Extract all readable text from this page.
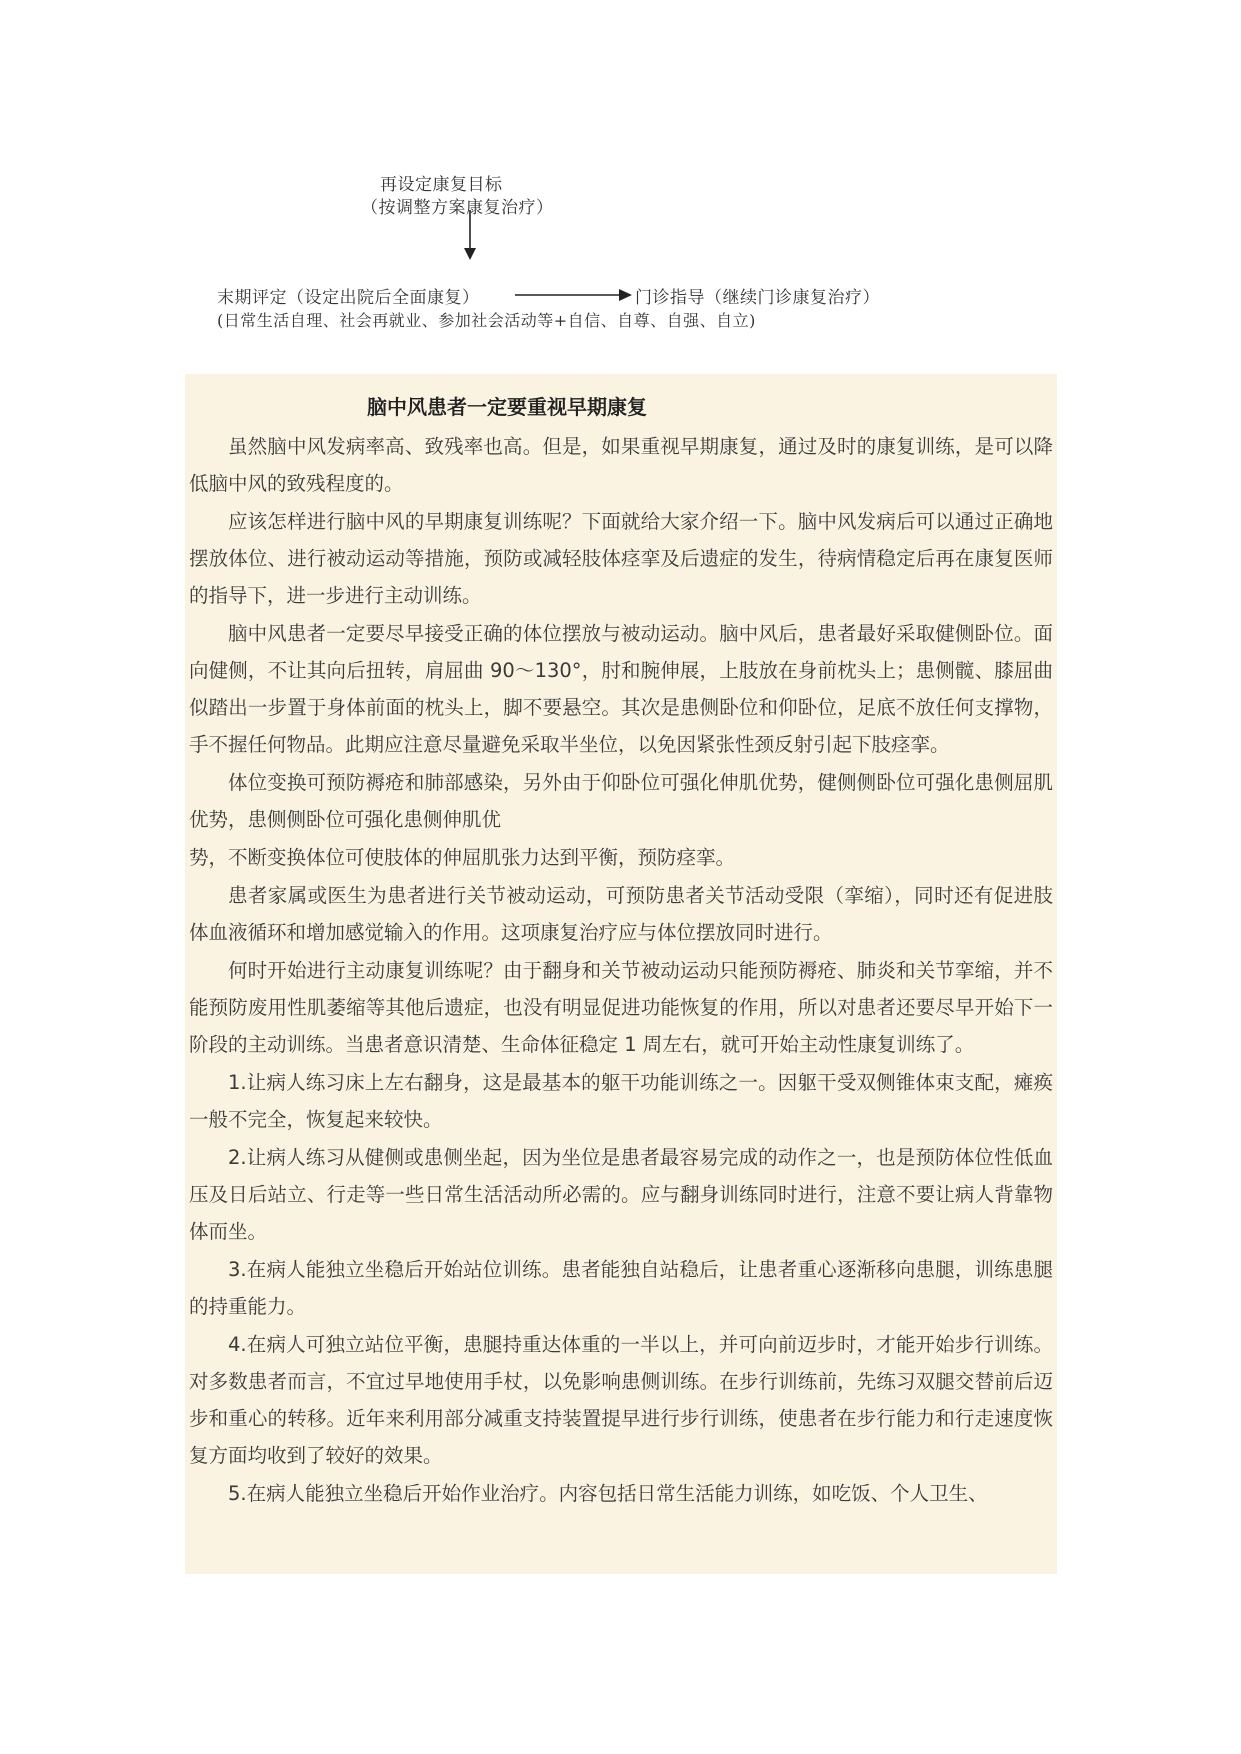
再设定康复目标
（按调整方案康复治疗）
末期评定（设定出院后全面康复）	门诊指导（继续门诊康复治疗）
(日常生活自理、社会再就业、参加社会活动等+自信、自尊、自强、自立)
脑中风患者一定要重视早期康复

虽然脑中风发病率高、致残率也高。但是，如果重视早期康复，通过及时的康复训练，是可以降低脑中风的致残程度的。

应该怎样进行脑中风的早期康复训练呢？下面就给大家介绍一下。脑中风发病后可以通过正确地摆放体位、进行被动运动等措施，预防或减轻肢体痉挛及后遗症的发生，待病情稳定后再在康复医师的指导下，进一步进行主动训练。

脑中风患者一定要尽早接受正确的体位摆放与被动运动。脑中风后，患者最好采取健侧卧位。面向健侧，不让其向后扭转，肩屈曲 90～130°，肘和腕伸展，上肢放在身前枕头上；患侧髋、膝屈曲似踏出一步置于身体前面的枕头上，脚不要悬空。其次是患侧卧位和仰卧位，足底不放任何支撑物，手不握任何物品。此期应注意尽量避免采取半坐位，以免因紧张性颈反射引起下肢痉挛。

体位变换可预防褥疮和肺部感染，另外由于仰卧位可强化伸肌优势，健侧侧卧位可强化患侧屈肌优势，患侧侧卧位可强化患侧伸肌优

势，不断变换体位可使肢体的伸屈肌张力达到平衡，预防痉挛。

患者家属或医生为患者进行关节被动运动，可预防患者关节活动受限（挛缩），同时还有促进肢体血液循环和增加感觉输入的作用。这项康复治疗应与体位摆放同时进行。

何时开始进行主动康复训练呢？由于翻身和关节被动运动只能预防褥疮、肺炎和关节挛缩，并不能预防废用性肌萎缩等其他后遗症，也没有明显促进功能恢复的作用，所以对患者还要尽早开始下一阶段的主动训练。当患者意识清楚、生命体征稳定 1 周左右，就可开始主动性康复训练了。

1.让病人练习床上左右翻身，这是最基本的躯干功能训练之一。因躯干受双侧锥体束支配，瘫痪一般不完全，恢复起来较快。

2.让病人练习从健侧或患侧坐起，因为坐位是患者最容易完成的动作之一，也是预防体位性低血压及日后站立、行走等一些日常生活活动所必需的。应与翻身训练同时进行，注意不要让病人背靠物体而坐。

3.在病人能独立坐稳后开始站位训练。患者能独自站稳后，让患者重心逐渐移向患腿，训练患腿的持重能力。

4.在病人可独立站位平衡，患腿持重达体重的一半以上，并可向前迈步时，才能开始步行训练。对多数患者而言，不宜过早地使用手杖，以免影响患侧训练。在步行训练前，先练习双腿交替前后迈步和重心的转移。近年来利用部分减重支持装置提早进行步行训练，使患者在步行能力和行走速度恢复方面均收到了较好的效果。

5.在病人能独立坐稳后开始作业治疗。内容包括日常生活能力训练，如吃饭、个人卫生、
